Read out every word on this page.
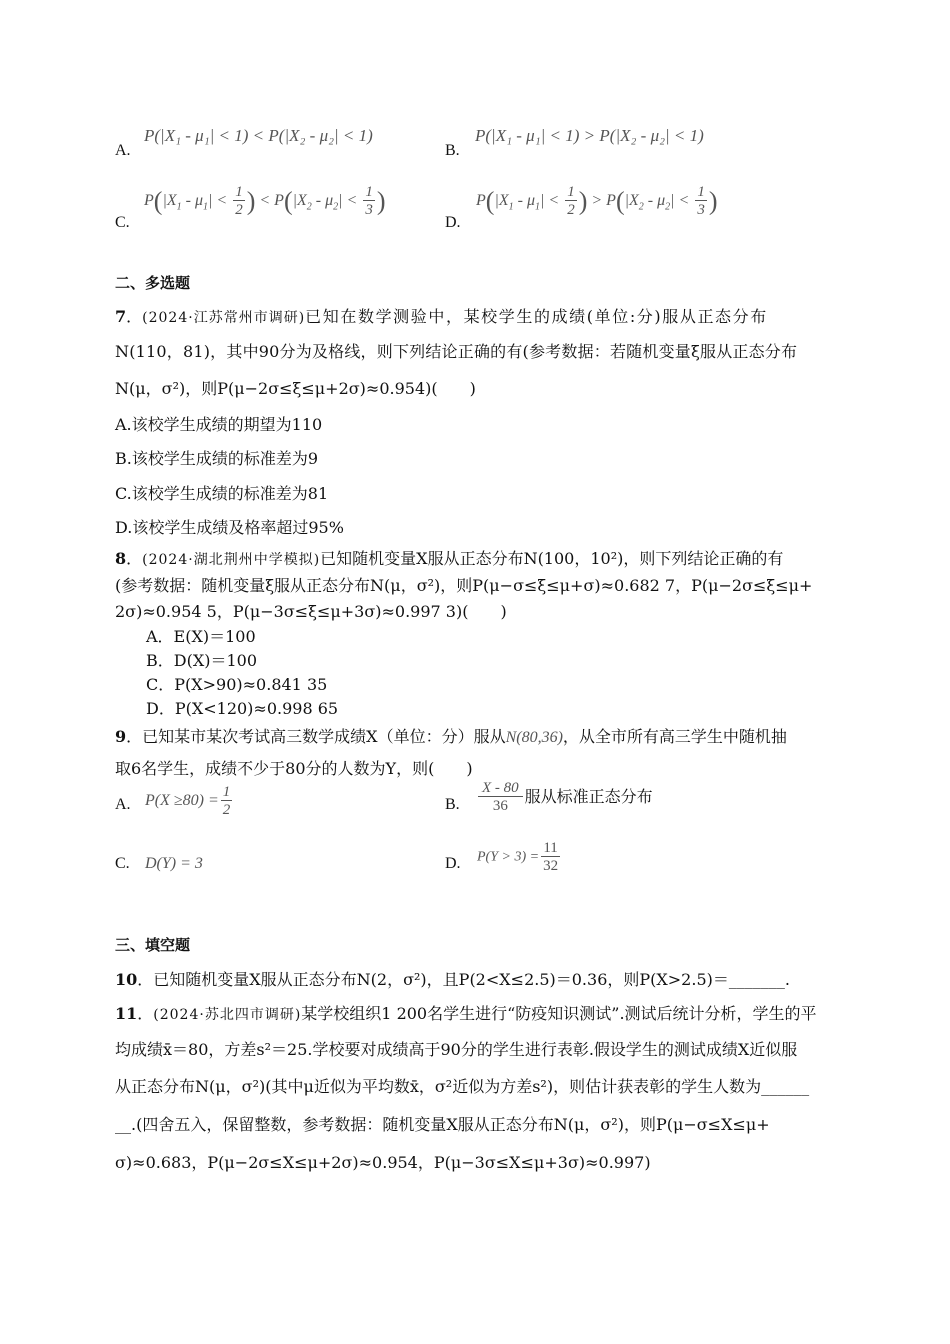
A.
P(|X₁ - μ₁| < 1) < P(|X₂ - μ₂| < 1)
B.
P(|X₁ - μ₁| < 1) > P(|X₂ - μ₂| < 1)
C.
$P(|X_1 - \mu_1| < \frac{1}{2}$ ) < $P(|X_2 - \mu_2| < \frac{1}{3}$ )
D.
$P(|X_1 - \mu_1| < \frac{1}{2}$ ) > $P(|X_2 - \mu_2| < \frac{1}{3}$ )
二、多选题
7．(2024·江苏常州市调研)已知在数学测验中，某校学生的成绩(单位:分)服从正态分布
N(110，81)，其中90分为及格线，则下列结论正确的有(参考数据：若随机变量ξ服从正态分布
N(μ，σ²)，则P(μ−2σ≤ξ≤μ+2σ)≈0.954)(　　)
A.该校学生成绩的期望为110
B.该校学生成绩的标准差为9
C.该校学生成绩的标准差为81
D.该校学生成绩及格率超过95%
8．(2024·湖北荆州中学模拟)已知随机变量X服从正态分布N(100，10²)，则下列结论正确的有
(参考数据：随机变量ξ服从正态分布N(μ，σ²)，则P(μ−σ≤ξ≤μ+σ)≈0.682 7，P(μ−2σ≤ξ≤μ+
2σ)≈0.954 5，P(μ−3σ≤ξ≤μ+3σ)≈0.997 3)(　　)
A．E(X)＝100
B．D(X)＝100
C．P(X>90)≈0.841 35
D．P(X<120)≈0.998 65
9．已知某市某次考试高三数学成绩X（单位：分）服从N(80,36)，从全市所有高三学生中随机抽
取6名学生，成绩不少于80分的人数为Y，则(　　)
A. $P(X \ge 80) = \frac{1}{2}$	B. $\frac{X - 80}{36}$ 服从标准正态分布
C. D(Y) = 3	D. $P(Y > 3) = \frac{11}{32}$
三、填空题
10．已知随机变量X服从正态分布N(2，σ²)，且P(2<X≤2.5)＝0.36，则P(X>2.5)＝_______.
11．(2024·苏北四市调研)某学校组织1 200名学生进行“防疫知识测试”.测试后统计分析，学生的平
均成绩x̄＝80，方差s²＝25.学校要对成绩高于90分的学生进行表彰.假设学生的测试成绩X近似服
从正态分布N(μ，σ²)(其中μ近似为平均数x̄，σ²近似为方差s²)，则估计获表彰的学生人数为______
__.(四舍五入，保留整数，参考数据：随机变量X服从正态分布N(μ，σ²)，则P(μ−σ≤X≤μ+
σ)≈0.683，P(μ−2σ≤X≤μ+2σ)≈0.954，P(μ−3σ≤X≤μ+3σ)≈0.997)
